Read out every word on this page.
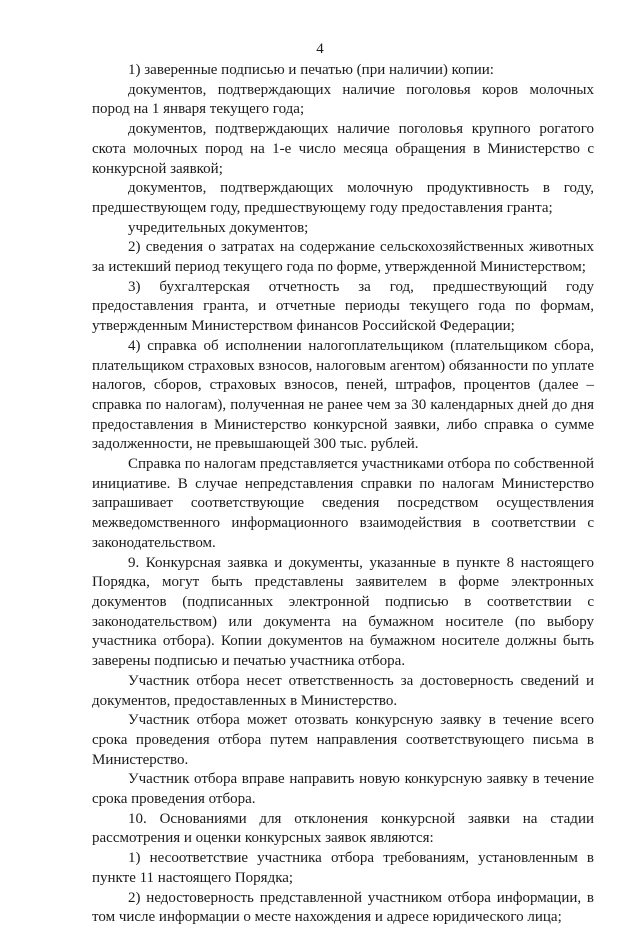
4

1) заверенные подписью и печатью (при наличии) копии:

документов, подтверждающих наличие поголовья коров молочных пород на 1 января текущего года;

документов, подтверждающих наличие поголовья крупного рогатого скота молочных пород на 1-е число месяца обращения в Министерство с конкурсной заявкой;

документов, подтверждающих молочную продуктивность в году, предшествующем году, предшествующему году предоставления гранта;

учредительных документов;

2) сведения о затратах на содержание сельскохозяйственных животных за истекший период текущего года по форме, утвержденной Министерством;

3) бухгалтерская отчетность за год, предшествующий году предоставления гранта, и отчетные периоды текущего года по формам, утвержденным Министерством финансов Российской Федерации;

4) справка об исполнении налогоплательщиком (плательщиком сбора, плательщиком страховых взносов, налоговым агентом) обязанности по уплате налогов, сборов, страховых взносов, пеней, штрафов, процентов (далее – справка по налогам), полученная не ранее чем за 30 календарных дней до дня предоставления в Министерство конкурсной заявки, либо справка о сумме задолженности, не превышающей 300 тыс. рублей.

Справка по налогам представляется участниками отбора по собственной инициативе. В случае непредставления справки по налогам Министерство запрашивает соответствующие сведения посредством осуществления межведомственного информационного взаимодействия в соответствии с законодательством.

9. Конкурсная заявка и документы, указанные в пункте 8 настоящего Порядка, могут быть представлены заявителем в форме электронных документов (подписанных электронной подписью в соответствии с законодательством) или документа на бумажном носителе (по выбору участника отбора). Копии документов на бумажном носителе должны быть заверены подписью и печатью участника отбора.

Участник отбора несет ответственность за достоверность сведений и документов, предоставленных в Министерство.

Участник отбора может отозвать конкурсную заявку в течение всего срока проведения отбора путем направления соответствующего письма в Министерство.

Участник отбора вправе направить новую конкурсную заявку в течение срока проведения отбора.

10. Основаниями для отклонения конкурсной заявки на стадии рассмотрения и оценки конкурсных заявок являются:

1) несоответствие участника отбора требованиям, установленным в пункте 11 настоящего Порядка;

2) недостоверность представленной участником отбора информации, в том числе информации о месте нахождения и адресе юридического лица;
